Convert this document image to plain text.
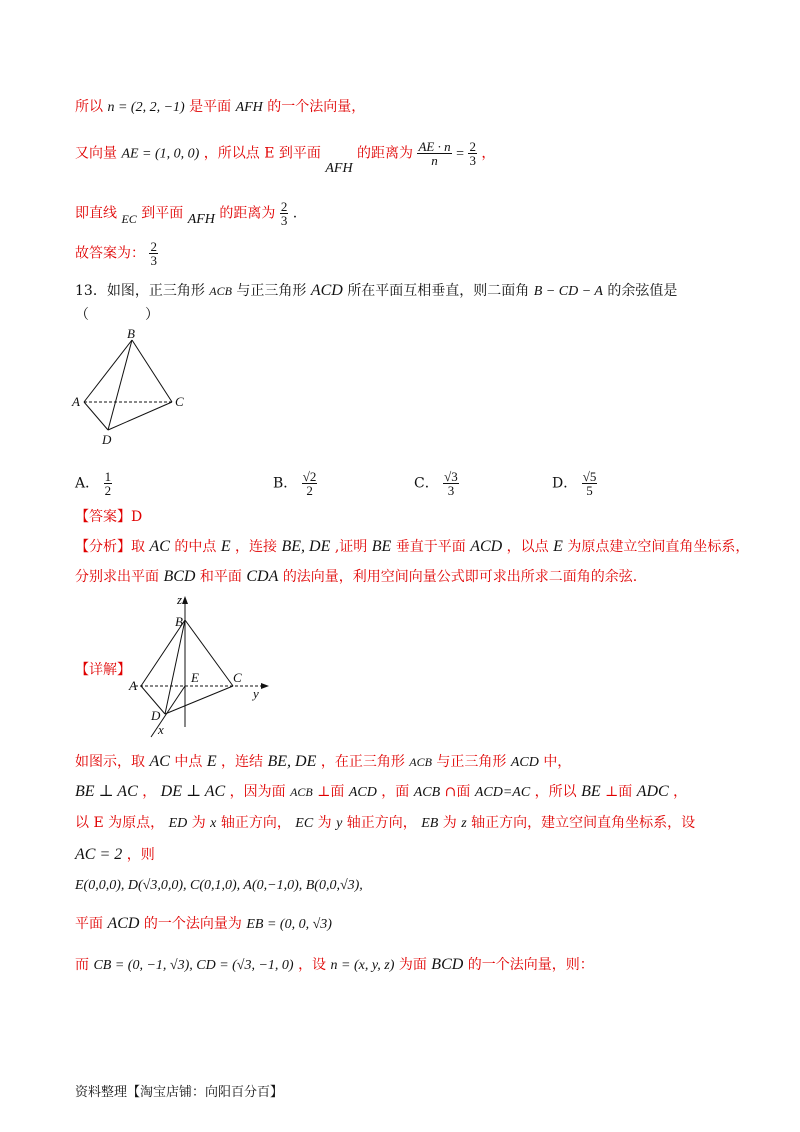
所以 n = (2, 2, −1) 是平面 AFH 的一个法向量，
又向量 AE = (1, 0, 0) ，所以点 E 到平面 AFH 的距离为 $\frac{AE \cdot n}{n} = \frac{2}{3}$ ，
即直线 EC 到平面 AFH 的距离为 $\frac{2}{3}$ .
故答案为： $\frac{2}{3}$
13．如图，正三角形 ACB 与正三角形 ACD 所在平面互相垂直，则二面角 B − CD − A 的余弦值是
（　　　　）
B
A	C
D
A． $\frac{1}{2}$	B． $\frac{√2}{2}$	C． $\frac{√3}{3}$	D． $\frac{√5}{5}$
【答案】D
【分析】取 AC 的中点 E ，连接 BE, DE ,证明 BE 垂直于平面 ACD ，以点 E 为原点建立空间直角坐标系，
分别求出平面 BCD 和平面 CDA 的法向量，利用空间向量公式即可求出所求二面角的余弦.
【详解】
z
B
A
E	C
y
D
x
如图示，取 AC 中点 E ，连结 BE, DE ，在正三角形 ACB 与正三角形 ACD 中，
BE ⊥ AC ， DE ⊥ AC ，因为面 ACB ⊥面 ACD ，面 ACB ∩面 ACD=AC ，所以 BE ⊥面 ADC ，
以 E 为原点， ED 为 x 轴正方向， EC 为 y 轴正方向， EB 为 z 轴正方向，建立空间直角坐标系，设
AC = 2 ，则
E(0,0,0), D(√3,0,0), C(0,1,0), A(0,−1,0), B(0,0,√3),
平面 ACD 的一个法向量为 EB = (0, 0, √3)
而 CB = (0, −1, √3), CD = (√3, −1, 0) ，设 n = (x, y, z) 为面 BCD 的一个法向量，则：
资料整理【淘宝店铺：向阳百分百】
